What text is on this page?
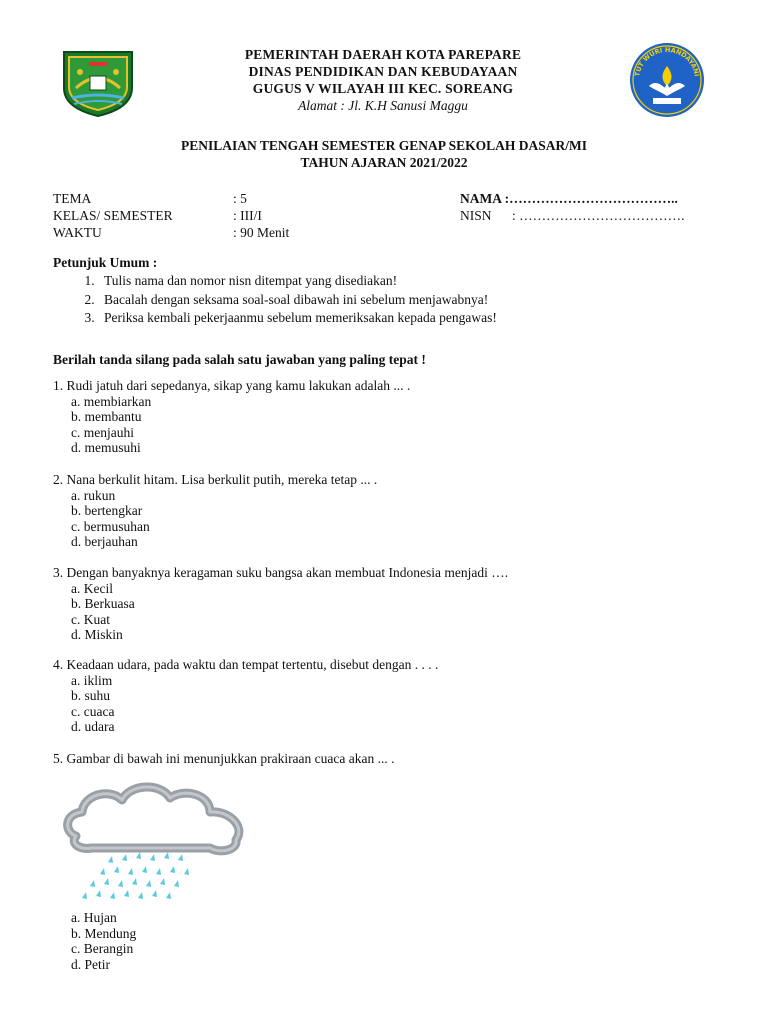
PEMERINTAH DAERAH KOTA PAREPARE
DINAS PENDIDIKAN DAN KEBUDAYAAN
GUGUS V WILAYAH III KEC. SOREANG
Alamat : Jl. K.H Sanusi Maggu
TUT WURI HANDAYANI
PENILAIAN TENGAH SEMESTER GENAP SEKOLAH DASAR/MI
TAHUN AJARAN 2021/2022
TEMA	: 5
KELAS/ SEMESTER	: III/I
WAKTU	: 90 Menit
NAMA :………………………………..
NISN	: ……………………………….
Petunjuk Umum :
1. Tulis nama dan nomor nisn ditempat yang disediakan!
2. Bacalah dengan seksama soal-soal dibawah ini sebelum menjawabnya!
3. Periksa kembali pekerjaanmu sebelum memeriksakan kepada pengawas!
Berilah tanda silang pada salah satu jawaban yang paling tepat !
1. Rudi jatuh dari sepedanya, sikap yang kamu lakukan adalah ... .
a. membiarkan
b. membantu
c. menjauhi
d. memusuhi
2. Nana berkulit hitam. Lisa berkulit putih, mereka tetap ... .
a. rukun
b. bertengkar
c. bermusuhan
d. berjauhan
3. Dengan banyaknya keragaman suku bangsa akan membuat Indonesia menjadi ….
a. Kecil
b. Berkuasa
c. Kuat
d. Miskin
4. Keadaan udara, pada waktu dan tempat tertentu, disebut dengan . . . .
a. iklim
b. suhu
c. cuaca
d. udara
5. Gambar di bawah ini menunjukkan prakiraan cuaca akan ... .
a. Hujan
b. Mendung
c. Berangin
d. Petir
